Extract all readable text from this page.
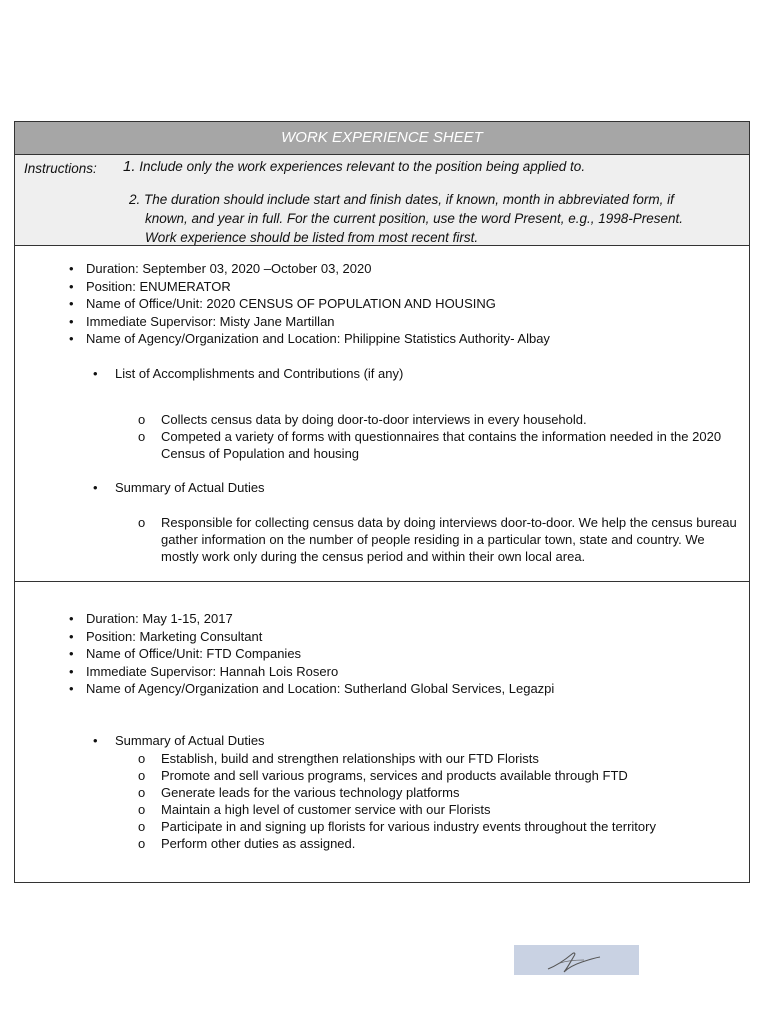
WORK EXPERIENCE SHEET
Instructions: 1. Include only the work experiences relevant to the position being applied to.
2. The duration should include start and finish dates, if known, month in abbreviated form, if
known, and year in full. For the current position, use the word Present, e.g., 1998-Present.
Work experience should be listed from most recent first.
• Duration: September 03, 2020 –October 03, 2020
• Position: ENUMERATOR
• Name of Office/Unit: 2020 CENSUS OF POPULATION AND HOUSING
• Immediate Supervisor: Misty Jane Martillan
• Name of Agency/Organization and Location: Philippine Statistics Authority- Albay
• List of Accomplishments and Contributions (if any)
o Collects census data by doing door-to-door interviews in every household.
o Competed a variety of forms with questionnaires that contains the information needed in the 2020 Census of Population and housing
• Summary of Actual Duties
o Responsible for collecting census data by doing interviews door-to-door. We help the census bureau gather information on the number of people residing in a particular town, state and country. We mostly work only during the census period and within their own local area.
• Duration: May 1-15, 2017
• Position: Marketing Consultant
• Name of Office/Unit: FTD Companies
• Immediate Supervisor: Hannah Lois Rosero
• Name of Agency/Organization and Location: Sutherland Global Services, Legazpi
• Summary of Actual Duties
o Establish, build and strengthen relationships with our FTD Florists
o Promote and sell various programs, services and products available through FTD
o Generate leads for the various technology platforms
o Maintain a high level of customer service with our Florists
o Participate in and signing up florists for various industry events throughout the territory
o Perform other duties as assigned.
